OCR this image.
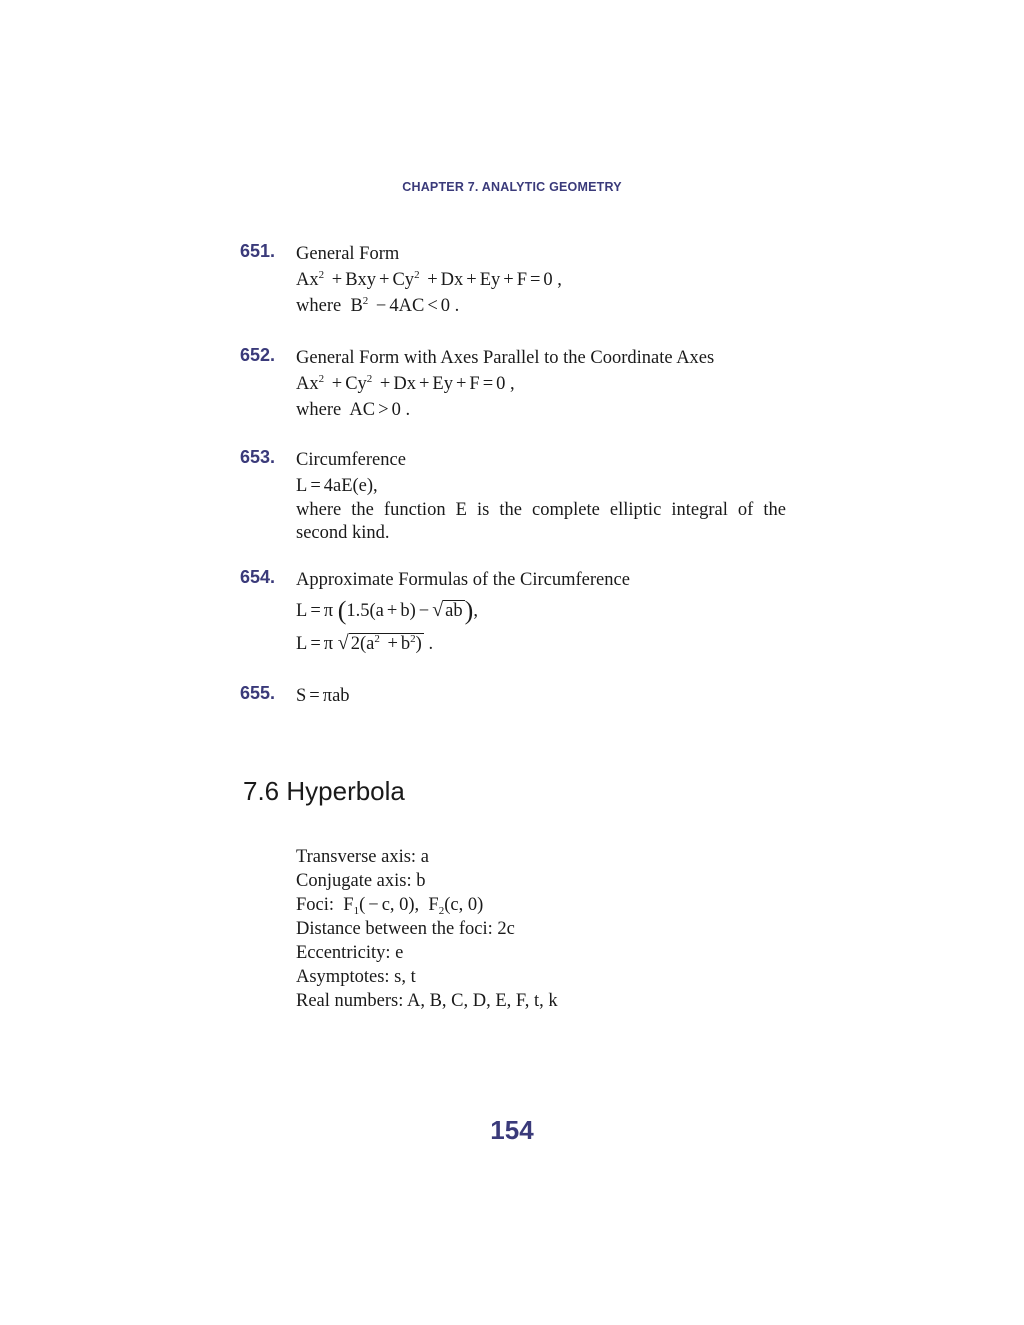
CHAPTER 7. ANALYTIC GEOMETRY
651. General Form
$Ax^2$ + Bxy + $Cy^2 + Dx + Ey + F = 0$ ,
where  $B^2 - 4AC < 0$ .
652. General Form with Axes Parallel to the Coordinate Axes
$Ax^2 + Cy^2 + Dx + Ey + F = 0$ ,
where  AC > 0 .
653. Circumference
L = 4aE(e),
where the function E is the complete elliptic integral of the second kind.
654. Approximate Formulas of the Circumference
L = π (1.5(a + b) − √ ab),
L = π √ $2(a^2 + b^2)$ .
655. S = πab
7.6 Hyperbola
Transverse axis: a
Conjugate axis: b
Foci:  $F_1( - c$, 0),  $F_2(c$, 0)
Distance between the foci: 2c
Eccentricity: e
Asymptotes: s, t
Real numbers: A, B, C, D, E, F, t, k
154
